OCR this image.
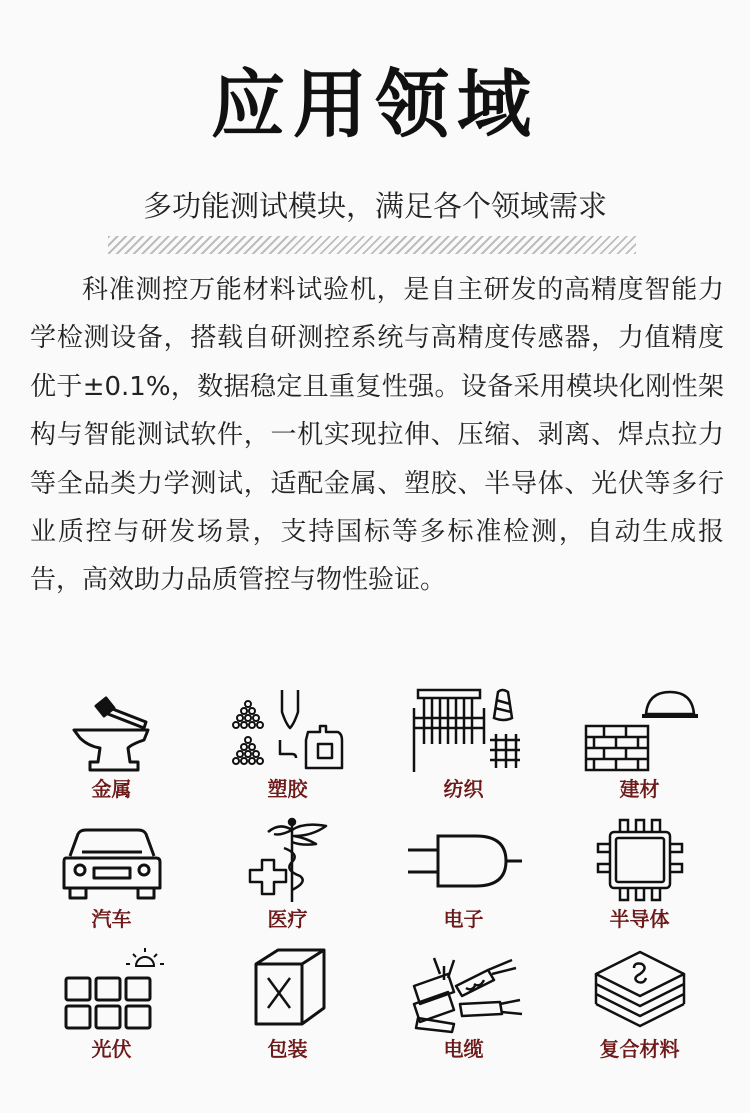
应用领域
多功能测试模块，满足各个领域需求

科准测控万能材料试验机，是自主研发的高精度智能力学检测设备，搭载自研测控系统与高精度传感器，力值精度优于±0.1%，数据稳定且重复性强。设备采用模块化刚性架构与智能测试软件，一机实现拉伸、压缩、剥离、焊点拉力等全品类力学测试，适配金属、塑胶、半导体、光伏等多行业质控与研发场景，支持国标等多标准检测，自动生成报告，高效助力品质管控与物性验证。

金属	塑胶	纺织	建材
汽车	医疗	电子	半导体
光伏	包装	电缆	复合材料
